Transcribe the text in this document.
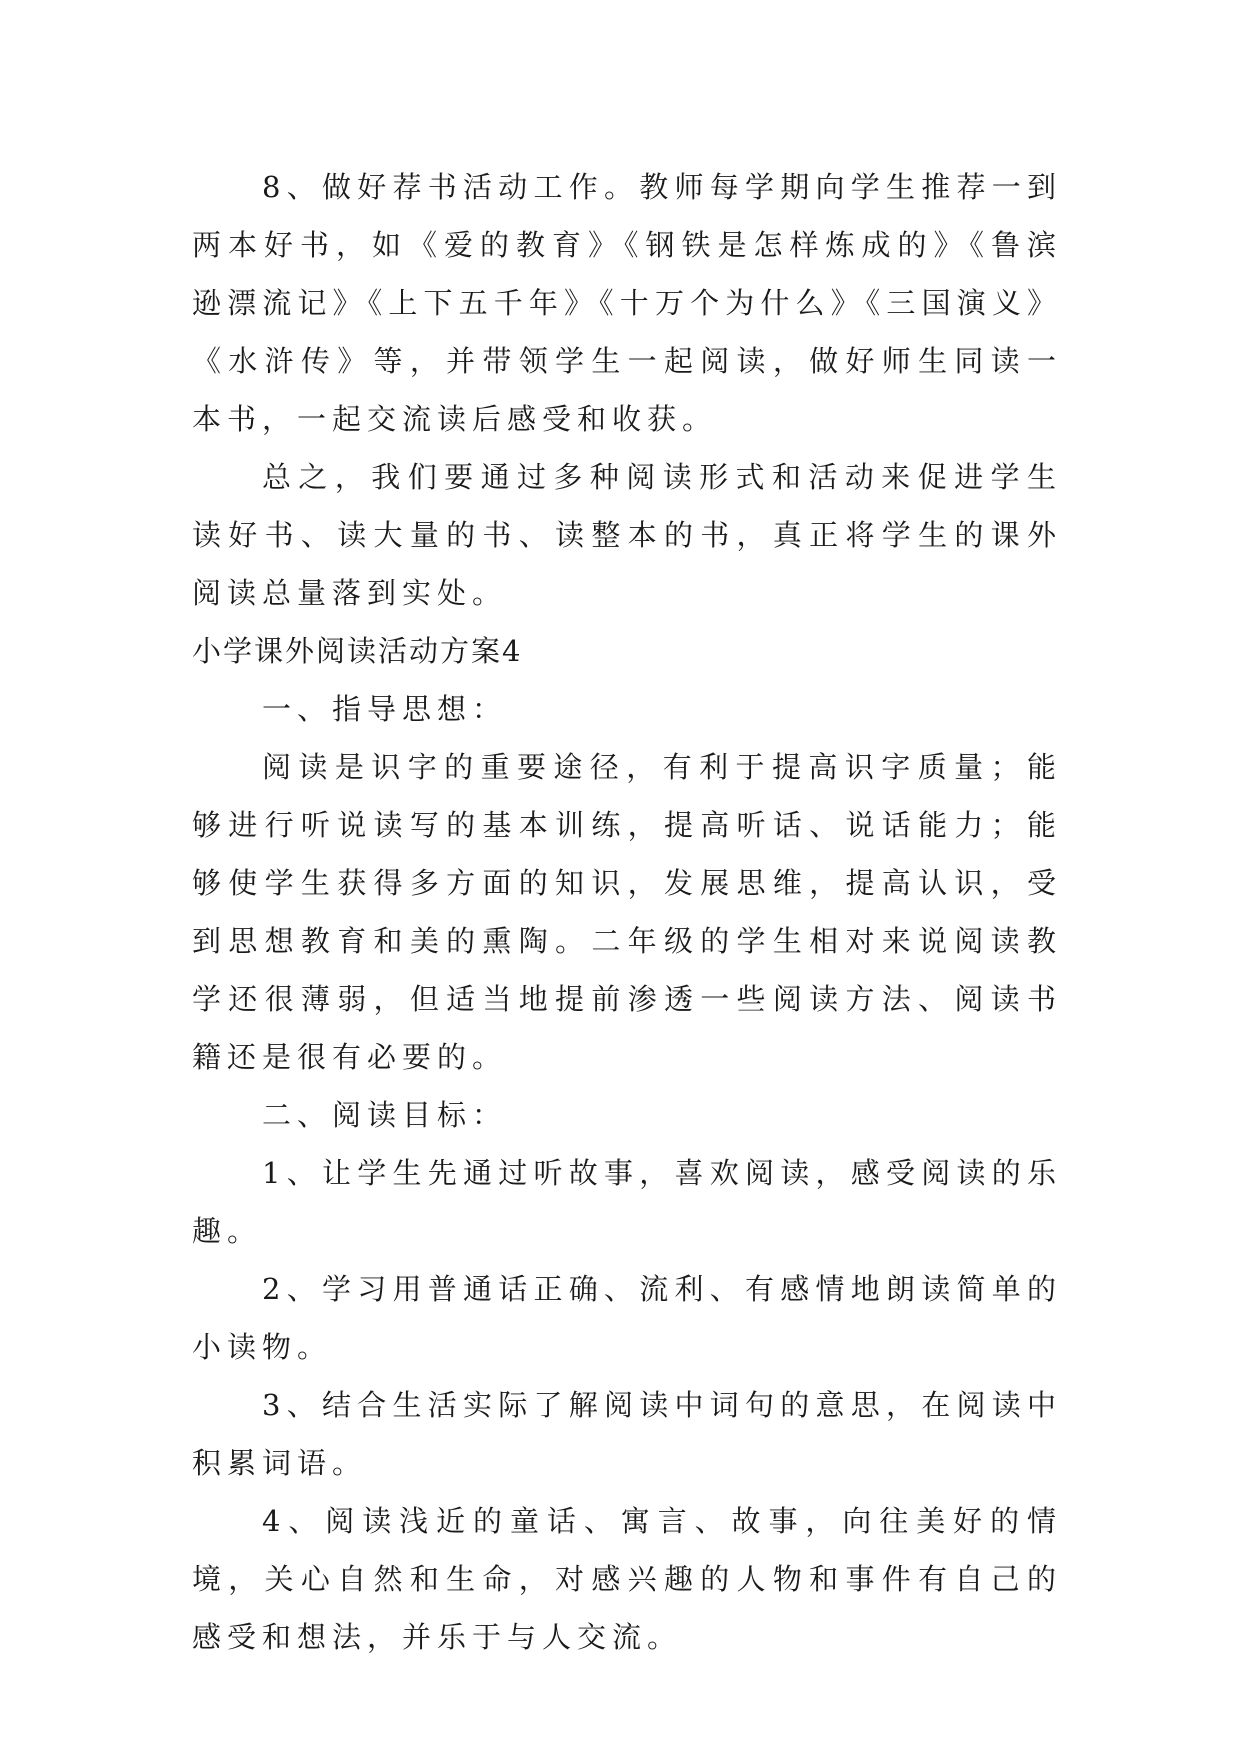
8、做好荐书活动工作。教师每学期向学生推荐一到两本好书，如《爱的教育》《钢铁是怎样炼成的》《鲁滨逊漂流记》《上下五千年》《十万个为什么》《三国演义》《水浒传》等，并带领学生一起阅读，做好师生同读一本书，一起交流读后感受和收获。

总之，我们要通过多种阅读形式和活动来促进学生读好书、读大量的书、读整本的书，真正将学生的课外阅读总量落到实处。

小学课外阅读活动方案4

一、指导思想：

阅读是识字的重要途径，有利于提高识字质量；能够进行听说读写的基本训练，提高听话、说话能力；能够使学生获得多方面的知识，发展思维，提高认识，受到思想教育和美的熏陶。二年级的学生相对来说阅读教学还很薄弱，但适当地提前渗透一些阅读方法、阅读书籍还是很有必要的。

二、阅读目标：

1、让学生先通过听故事，喜欢阅读，感受阅读的乐趣。

2、学习用普通话正确、流利、有感情地朗读简单的小读物。

3、结合生活实际了解阅读中词句的意思，在阅读中积累词语。

4、阅读浅近的童话、寓言、故事，向往美好的情境，关心自然和生命，对感兴趣的人物和事件有自己的感受和想法，并乐于与人交流。
